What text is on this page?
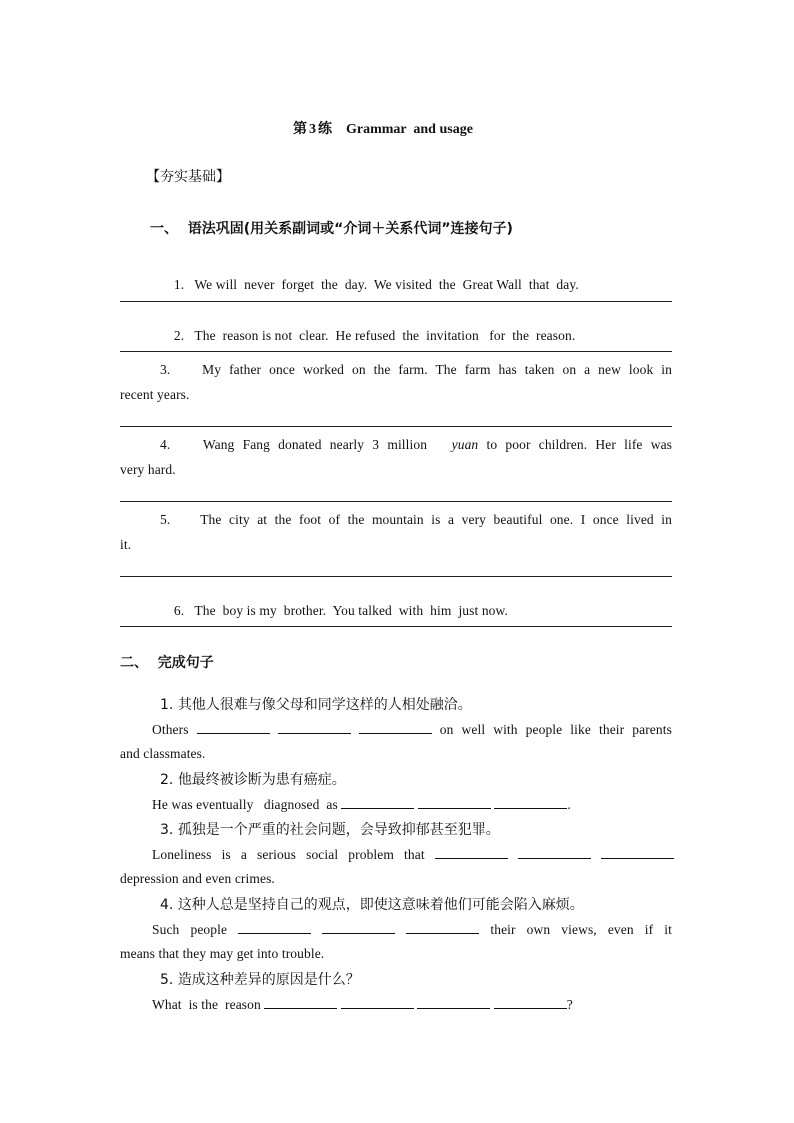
第 3 练 Grammar  and usage
【夯实基础】
一、  语法巩固(用关系副词或“介词＋关系代词”连接句子)

1. We will  never  forget  the  day.  We visited  the  Great Wall  that  day.

2. The  reason is not  clear.  He refused  the  invitation   for  the  reason.

3. My father once worked on the farm. The farm has taken on a new look in
recent years.
4. Wang Fang donated nearly 3 million yuan to poor children. Her life was
very hard.
5. The city at the foot of the mountain is a very beautiful one. I once lived in
it.

6. The  boy is my  brother.  You talked  with  him  just now.

二、  完成句子
1. 其他人很难与像父母和同学这样的人相处融洽。
Others	on well with people like their parents
and classmates.
2. 他最终被诊断为患有癌症。
He was eventually   diagnosed  as	.
3. 孤独是一个严重的社会问题，会导致抑郁甚至犯罪。
Loneliness is a serious social problem that
depression and even crimes.
4. 这种人总是坚持自己的观点，即使这意味着他们可能会陷入麻烦。
Such people	their own views, even if it
means that they may get into trouble.
5. 造成这种差异的原因是什么？
What  is the  reason	?
